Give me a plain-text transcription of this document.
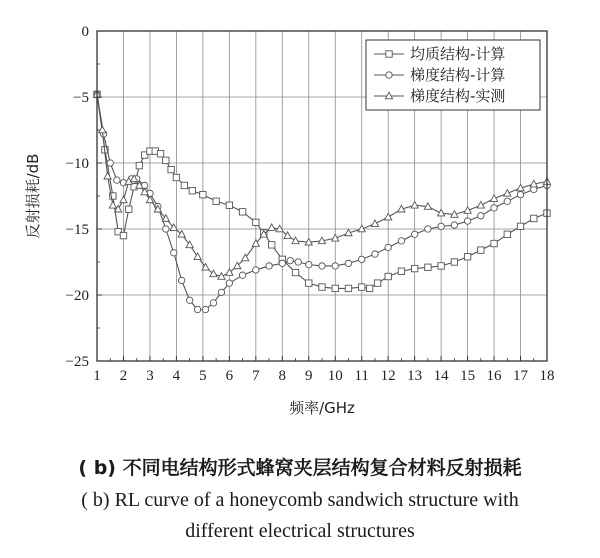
1 2 3 4 5 6 7 8 9 10 11 12 13 14 15 16 17 18
0
−5
−10
−15
−20
−25
均质结构-计算
梯度结构-计算
梯度结构-实测
频率/GHz
反射损耗/dB
( b) 不同电结构形式蜂窝夹层结构复合材料反射损耗
( b) RL curve of a honeycomb sandwich structure with
different electrical structures
